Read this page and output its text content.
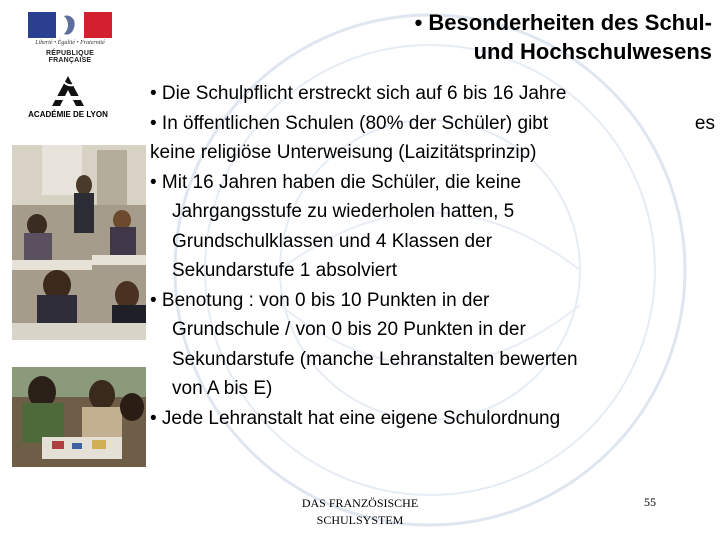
Liberté • Égalité • Fraternité
RÉPUBLIQUE FRANÇAISE
ACADÉMIE DE LYON
• Besonderheiten des Schul-
und Hochschulwesens
• Die Schulpflicht erstreckt sich auf 6 bis 16 Jahre
• In öffentlichen Schulen (80% der Schüler) gibt	es
keine religiöse Unterweisung (Laizitätsprinzip)
• Mit 16 Jahren haben die Schüler, die keine
Jahrgangsstufe zu wiederholen hatten, 5
Grundschulklassen und 4 Klassen der
Sekundarstufe 1 absolviert
• Benotung : von 0 bis 10 Punkten in der
Grundschule / von 0 bis 20 Punkten in der
Sekundarstufe (manche Lehranstalten bewerten
von A bis E)
• Jede Lehranstalt hat eine eigene Schulordnung
DAS FRANZÖSISCHE
SCHULSYSTEM
55
